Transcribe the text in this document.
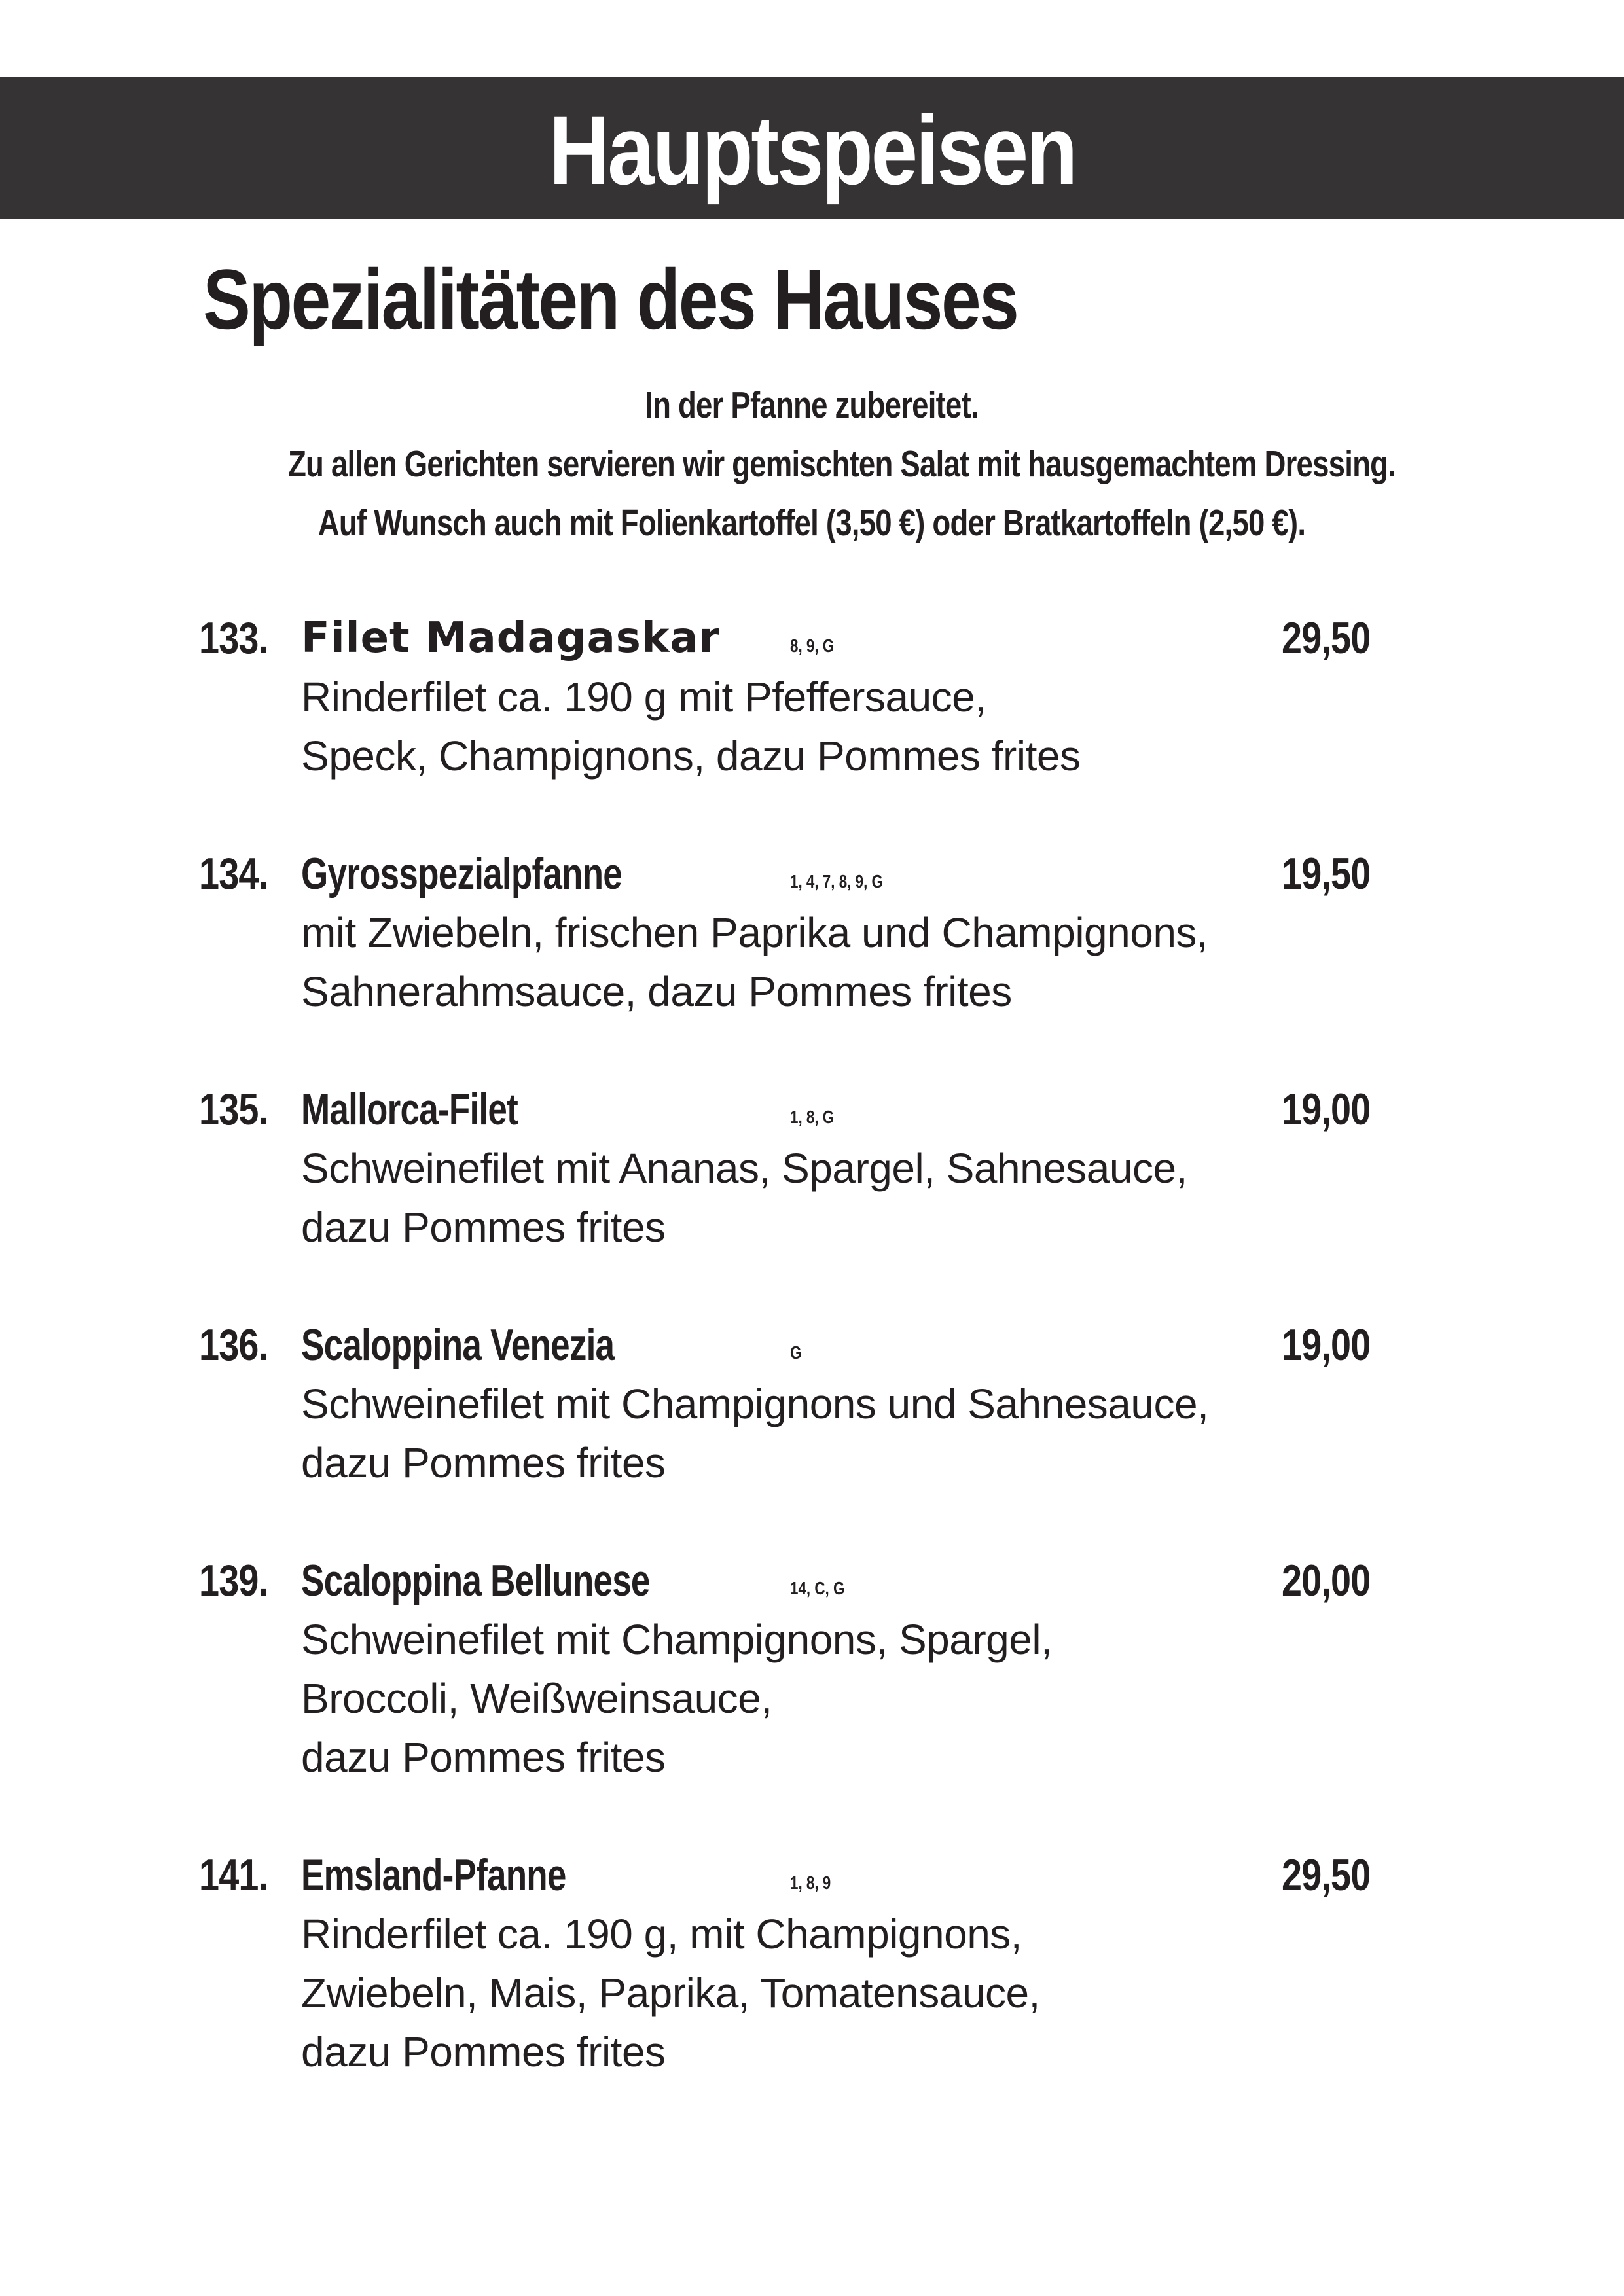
Hauptspeisen
Spezialitäten des Hauses
In der Pfanne zubereitet.
Zu allen Gerichten servieren wir gemischten Salat mit hausgemachtem Dressing.
Auf Wunsch auch mit Folienkartoffel (3,50 €) oder Bratkartoffeln (2,50 €).
133. Filet Madagaskar	8, 9, G	29,50
Rinderfilet ca. 190 g mit Pfeffersauce,
Speck, Champignons, dazu Pommes frites
134. Gyrosspezialpfanne	1, 4, 7, 8, 9, G	19,50
mit Zwiebeln, frischen Paprika und Champignons,
Sahnerahmsauce, dazu Pommes frites
135. Mallorca-Filet	1, 8, G	19,00
Schweinefilet mit Ananas, Spargel, Sahnesauce,
dazu Pommes frites
136. Scaloppina Venezia	G	19,00
Schweinefilet mit Champignons und Sahnesauce,
dazu Pommes frites
139. Scaloppina Bellunese	14, C, G	20,00
Schweinefilet mit Champignons, Spargel,
Broccoli, Weißweinsauce,
dazu Pommes frites
141. Emsland-Pfanne	1, 8, 9	29,50
Rinderfilet ca. 190 g, mit Champignons,
Zwiebeln, Mais, Paprika, Tomatensauce,
dazu Pommes frites
